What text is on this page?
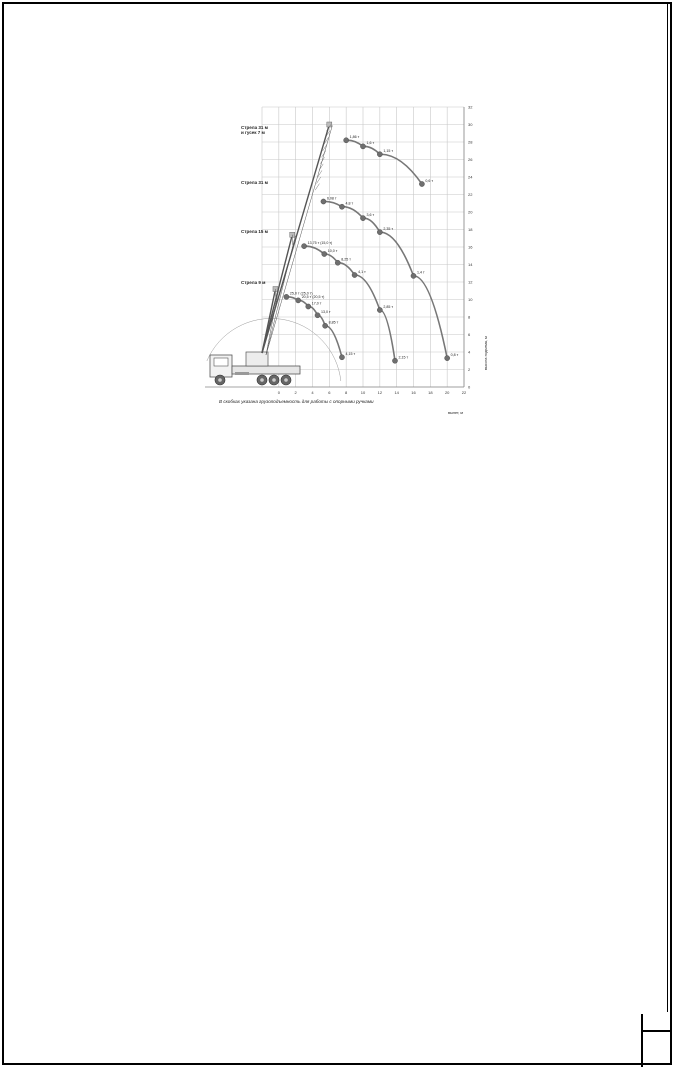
1,86 т
1,6 т
1,15 т
0,6 т
6,08 т
4,8 т
3,6 т
2,35 т
1,4 т
0,8 т
13,75 т (15,0 т)
10,0 т
8,25 т
4,1 т
2,85 т
2,15 т
25,0 т (25,0 т)
20,5 т (20,5 т)
17,0 т
13,0 т
8,85 т
4,15 т
0	2	4	6	8	10	12	14	16	18	20	22
0
2
4
6
8
10
12
14
16
18
20
22
24
26
28
30
32
Стрела 31 м
и гусек 7 м
Стрела 31 м
Стрела 15 м
Стрела 9 м
вылет, м
высота подъема, м
В скобках указана грузоподъемность для работы с опорными ручками
